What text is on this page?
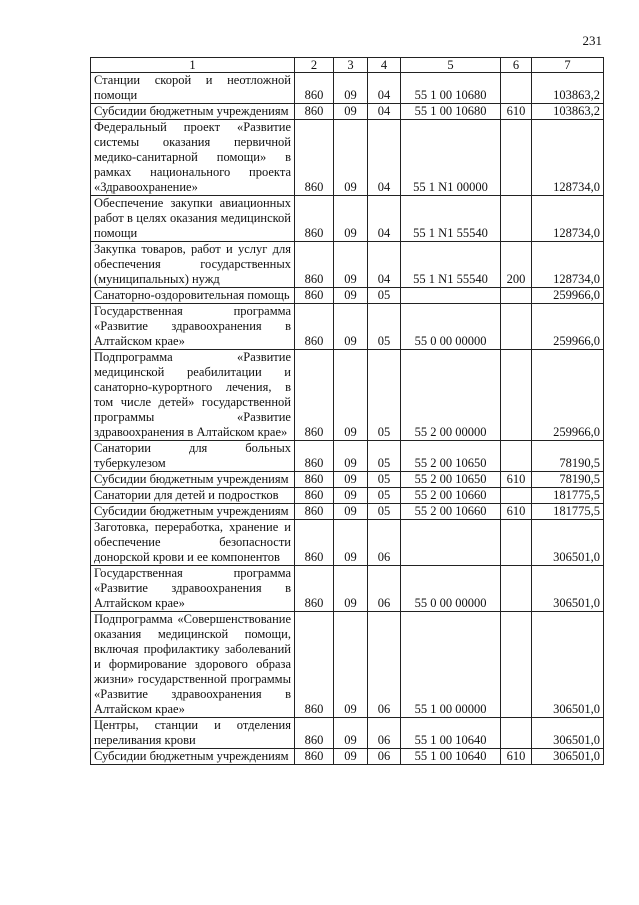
231
1	2	3	4	5	6	7
Станции скорой и неотложной помощи	860	09	04	55 1 00 10680		103863,2
Субсидии бюджетным учреждениям	860	09	04	55 1 00 10680	610	103863,2
Федеральный проект «Развитие системы оказания первичной медико-санитарной помощи» в рамках национального проекта «Здравоохранение»	860	09	04	55 1 N1 00000		128734,0
Обеспечение закупки авиационных работ в целях оказания медицинской помощи	860	09	04	55 1 N1 55540		128734,0
Закупка товаров, работ и услуг для обеспечения государственных (муниципальных) нужд	860	09	04	55 1 N1 55540	200	128734,0
Санаторно-оздоровительная помощь	860	09	05			259966,0
Государственная программа «Развитие здравоохранения в Алтайском крае»	860	09	05	55 0 00 00000		259966,0
Подпрограмма «Развитие медицинской реабилитации и санаторно-курортного лечения, в том числе детей» государственной программы «Развитие здравоохранения в Алтайском крае»	860	09	05	55 2 00 00000		259966,0
Санатории для больных туберкулезом	860	09	05	55 2 00 10650		78190,5
Субсидии бюджетным учреждениям	860	09	05	55 2 00 10650	610	78190,5
Санатории для детей и подростков	860	09	05	55 2 00 10660		181775,5
Субсидии бюджетным учреждениям	860	09	05	55 2 00 10660	610	181775,5
Заготовка, переработка, хранение и обеспечение безопасности донорской крови и ее компонентов	860	09	06			306501,0
Государственная программа «Развитие здравоохранения в Алтайском крае»	860	09	06	55 0 00 00000		306501,0
Подпрограмма «Совершенствование оказания медицинской помощи, включая профилактику заболеваний и формирование здорового образа жизни» государственной программы «Развитие здравоохранения в Алтайском крае»	860	09	06	55 1 00 00000		306501,0
Центры, станции и отделения переливания крови	860	09	06	55 1 00 10640		306501,0
Субсидии бюджетным учреждениям	860	09	06	55 1 00 10640	610	306501,0
